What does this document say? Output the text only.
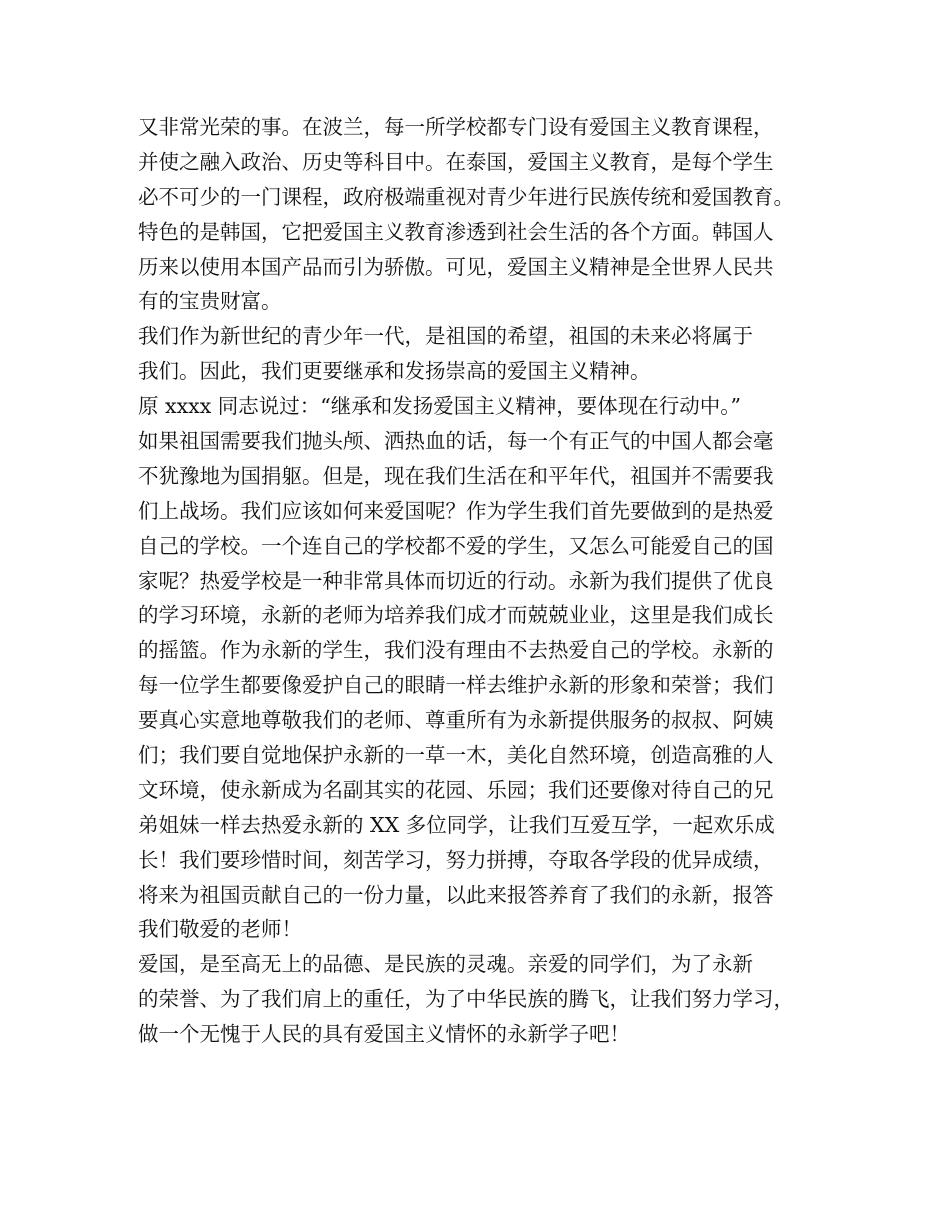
又非常光荣的事。在波兰，每一所学校都专门设有爱国主义教育课程，
并使之融入政治、历史等科目中。在泰国，爱国主义教育，是每个学生
必不可少的一门课程，政府极端重视对青少年进行民族传统和爱国教育。
特色的是韩国，它把爱国主义教育渗透到社会生活的各个方面。韩国人
历来以使用本国产品而引为骄傲。可见，爱国主义精神是全世界人民共
有的宝贵财富。
我们作为新世纪的青少年一代，是祖国的希望，祖国的未来必将属于
我们。因此，我们更要继承和发扬崇高的爱国主义精神。
原 xxxx 同志说过：“继承和发扬爱国主义精神，要体现在行动中。”
如果祖国需要我们抛头颅、洒热血的话，每一个有正气的中国人都会毫
不犹豫地为国捐躯。但是，现在我们生活在和平年代，祖国并不需要我
们上战场。我们应该如何来爱国呢？作为学生我们首先要做到的是热爱
自己的学校。一个连自己的学校都不爱的学生，又怎么可能爱自己的国
家呢？热爱学校是一种非常具体而切近的行动。永新为我们提供了优良
的学习环境，永新的老师为培养我们成才而兢兢业业，这里是我们成长
的摇篮。作为永新的学生，我们没有理由不去热爱自己的学校。永新的
每一位学生都要像爱护自己的眼睛一样去维护永新的形象和荣誉；我们
要真心实意地尊敬我们的老师、尊重所有为永新提供服务的叔叔、阿姨
们；我们要自觉地保护永新的一草一木，美化自然环境，创造高雅的人
文环境，使永新成为名副其实的花园、乐园；我们还要像对待自己的兄
弟姐妹一样去热爱永新的 XX 多位同学，让我们互爱互学，一起欢乐成
长！我们要珍惜时间，刻苦学习，努力拼搏，夺取各学段的优异成绩，
将来为祖国贡献自己的一份力量，以此来报答养育了我们的永新，报答
我们敬爱的老师！
爱国，是至高无上的品德、是民族的灵魂。亲爱的同学们，为了永新
的荣誉、为了我们肩上的重任，为了中华民族的腾飞，让我们努力学习，
做一个无愧于人民的具有爱国主义情怀的永新学子吧！
